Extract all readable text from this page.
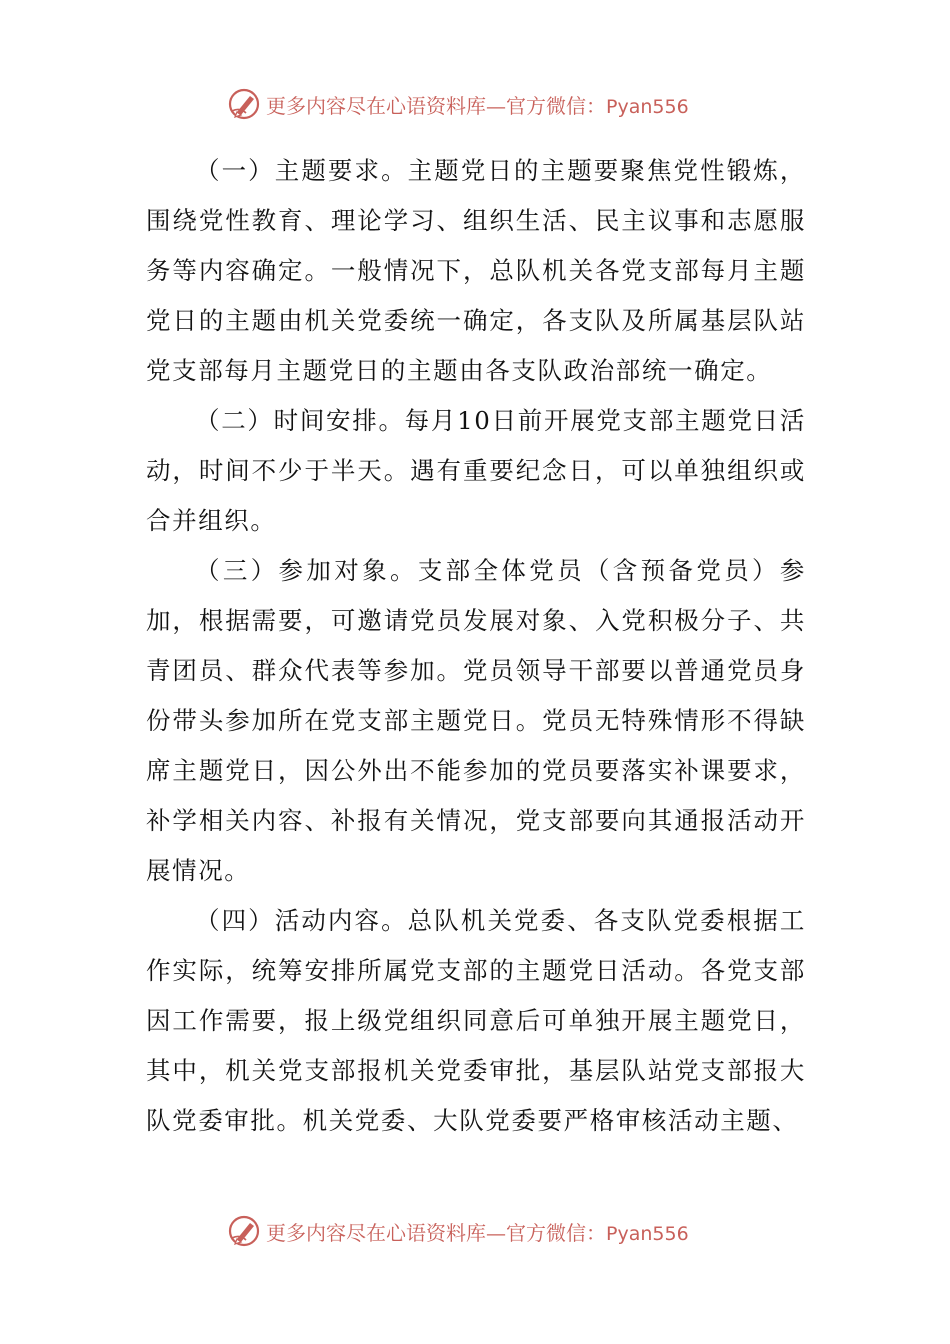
更多内容尽在心语资料库—官方微信：Pyan556

（一）主题要求。主题党日的主题要聚焦党性锻炼，围绕党性教育、理论学习、组织生活、民主议事和志愿服务等内容确定。一般情况下，总队机关各党支部每月主题党日的主题由机关党委统一确定，各支队及所属基层队站党支部每月主题党日的主题由各支队政治部统一确定。

（二）时间安排。每月10日前开展党支部主题党日活动，时间不少于半天。遇有重要纪念日，可以单独组织或合并组织。

（三）参加对象。支部全体党员（含预备党员）参加，根据需要，可邀请党员发展对象、入党积极分子、共青团员、群众代表等参加。党员领导干部要以普通党员身份带头参加所在党支部主题党日。党员无特殊情形不得缺席主题党日，因公外出不能参加的党员要落实补课要求，补学相关内容、补报有关情况，党支部要向其通报活动开展情况。

（四）活动内容。总队机关党委、各支队党委根据工作实际，统筹安排所属党支部的主题党日活动。各党支部因工作需要，报上级党组织同意后可单独开展主题党日，其中，机关党支部报机关党委审批，基层队站党支部报大队党委审批。机关党委、大队党委要严格审核活动主题、

更多内容尽在心语资料库—官方微信：Pyan556
